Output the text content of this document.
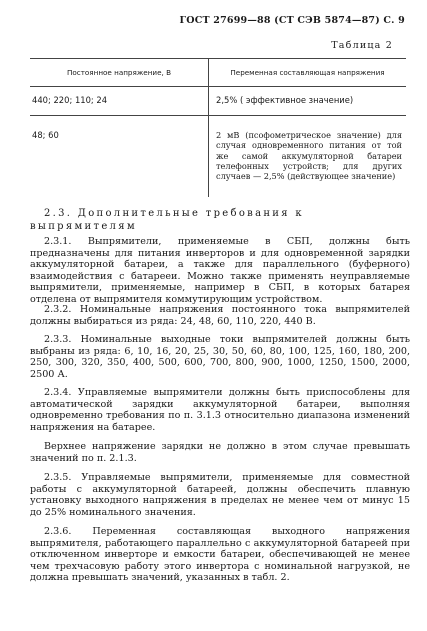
ГОСТ 27699—88 (СТ СЭВ 5874—87) С. 9
Таблица 2
Постоянное напряжение, В	Переменная составляющая напряжения
440; 220; 110; 24	2,5% ( эффективное значение)
48; 60	2 мВ (псофометрическое значение) для случая одновременного питания от той же самой аккумуляторной батареи телефонных устройств; для других случаев — 2,5% (действующее значение)
2.3. Дополнительные требования к выпрямителям
2.3.1. Выпрямители, применяемые в СБП, должны быть предназначены для питания инверторов и для одновременной зарядки аккумуляторной батареи, а также для параллельного (буферного) взаимодействия с батарееи. Можно также применять неуправляемые выпрямители, применяемые, например в СБП, в которых батарея отделена от выпрямителя коммутирующим устройством.
2.3.2. Номинальные напряжения постоянного тока выпрямителей должны выбираться из ряда: 24, 48, 60, 110, 220, 440 В.
2.3.3. Номинальные выходные токи выпрямителей должны быть выбраны из ряда: 6, 10, 16, 20, 25, 30, 50, 60, 80, 100, 125, 160, 180, 200, 250, 300, 320, 350, 400, 500, 600, 700, 800, 900, 1000, 1250, 1500, 2000, 2500 А.
2.3.4. Управляемые выпрямители должны быть приспособлены для автоматической зарядки аккумуляторной батареи, выполняя одновременно требования по п. 3.1.3 относительно диапазона изменений напряжения на батарее.
Верхнее напряжение зарядки не должно в этом случае превышать значений по п. 2.1.3.
2.3.5. Управляемые выпрямители, применяемые для совместной работы с аккумуляторной батареей, должны обеспечить плавную установку выходного напряжения в пределах не менее чем от минус 15 до 25% номинального значения.
2.3.6. Переменная составляющая выходного напряжения выпрямителя, работающего параллельно с аккумуляторной батареей при отключенном инверторе и емкости батареи, обеспечивающей не менее чем трехчасовую работу этого инвертора с номинальной нагрузкой, не должна превышать значений, указанных в табл. 2.
